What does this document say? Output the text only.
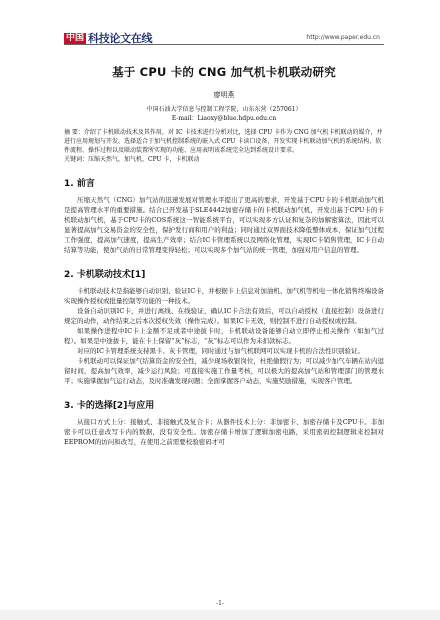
中国 科技论文在线	http://www.paper.edu.cn
基于 CPU 卡的 CNG 加气机卡机联动研究
廖明燕
中国石油大学信息与控制工程学院，山东东营（257061）
E-mail：Liaoxy@blue.hdpu.edu.cn
摘 要：介绍了卡机联动技术及其作用，对 IC 卡技术进行分析对比，选择 CPU 卡作为 CNG 加气机卡机联动的媒介，并进行应用规划与开发。选择适合于加气机控制系统的嵌入式 CPU 卡读口设备，开发实现卡机联动加气机的系统结构、软件流程、操作过程以及联动装置所实现的功能、应用表明该系统完全达到系统设计要求。
关键词：压缩天然气，加气机，CPU 卡，卡机联动
1. 前言

压缩天然气（CNG）加气站的迅速发展对管理水平提出了更高的要求，开发基于CPU卡的卡机联动加气机是提高管理水平的重要措施。结合已开发基于SLE4442加密存储卡的卡机联动加气机，开发出基于CPU卡的卡机联动加气机，基于CPU卡的COS系统这一智能系统平台，可以实现多方认证和复杂的加解密算法，因此可以显著提高加气交易资金的安全性，保护发行商和用户的利益；同时通过双界面技术降低整体成本，保证加气过程工作强度，提高加气速度，提高生产效率；结合IC卡管理系统以及网络化管理，实现IC卡销售管理，IC卡自动结算等功能，使加气站的日常管理变得轻松；可以实现多个加气站的统一管理，加强对用户信息的管理。

2. 卡机联动技术[1]

卡机联动技术是指能够自动识别、验证IC卡，并根据卡上信息对加油机、加气机等机电一体化销售终端设备实现操作授权或批量控制等功能的一种技术。

设备自动识别IC卡，并进行离线、在线验证，确认IC卡合法有效后，可以自动授权（直接控制）设备进行规定的动作，动作结束之后本次授权失效（操作完成）。如果IC卡无效，则控制不进行自动授权或控制。

如果操作进程中IC卡上金额不足或者中途拔卡时，卡机联动设备能够自动立即停止相关操作（如加气过程）。如果是中途拔卡，能在卡上保留“灰”标志，“灰”标志可以作为未扣款标志。

对应的IC卡管理系统支持黑卡、灰卡管理，同时通过与加气机联网可以实现卡机的合法性识别验证。

卡机联动可以保证加气结算资金的安全性，减少现场收银岗位，杜绝偷假行为；可以减少加气车辆在站内逗留时间，提高加气效率，减少运行风险；可直接实施工作量考核，可以极大的提高加气站和管理部门的管理水平；实施掌握加气运行动态，及时准确发现问题；全面掌握客户动态，实施奖励措施，实现客户管理。

3. 卡的选择[2]与应用

从接口方式上分：接触式、非接触式及复合卡；从器件技术上分：非加密卡、加密存储卡及CPU卡。非加密卡可以任意改写卡内的数据，没有安全性。加密存储卡增加了逻辑加密电路，采用密码控制逻辑来控制对EEPROM的访问和改写，在使用之前需要校验密码才可

-1-
